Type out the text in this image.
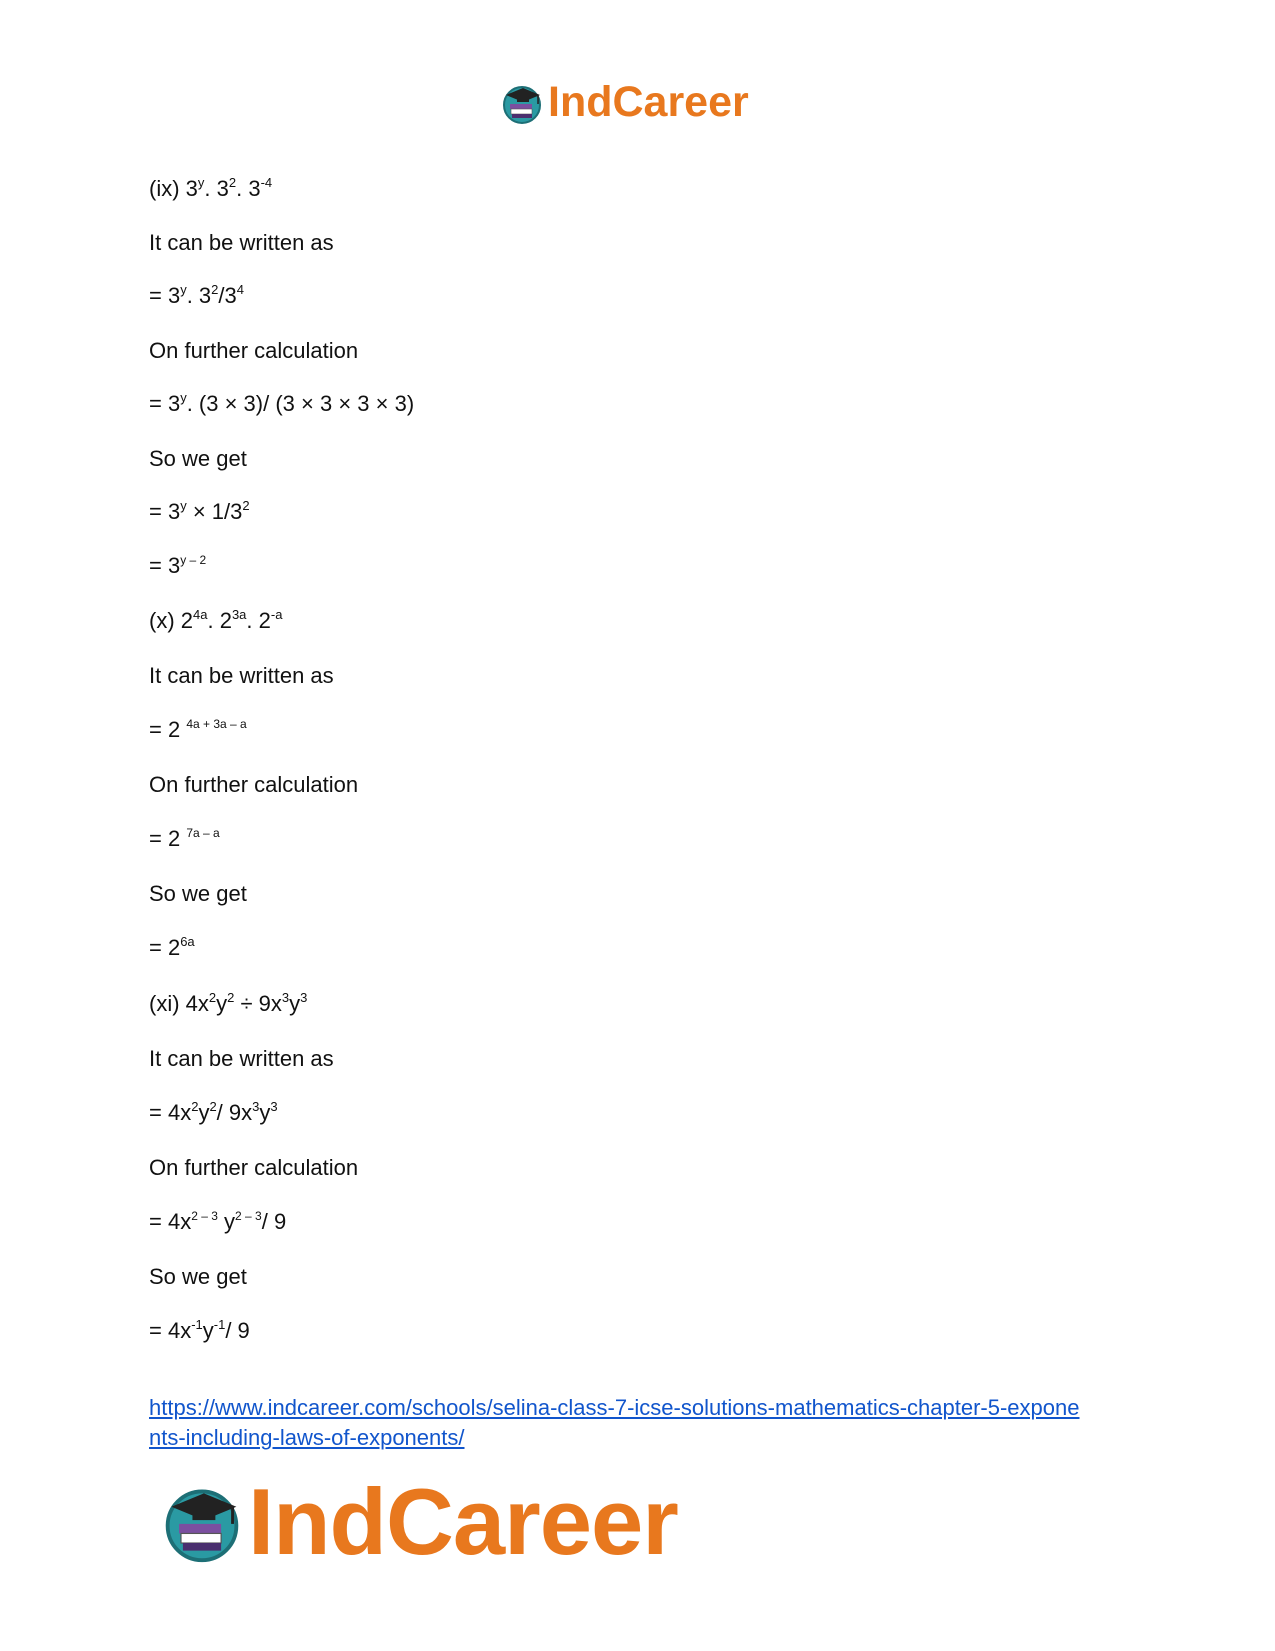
IndCareer
(ix) 3$^y$. $3^2$. $3^{-4}$
It can be written as
= $3^y$. $3^2/3^4$
On further calculation
= $3^y$. (3 × 3)/ (3 × 3 × 3 × 3)
So we get
= $3^y \times 1/3^2$
= $3^{y - 2}$
(x) $2^{4a}$. $2^{3a}$. $2^{-a}$
It can be written as
= 2 $^{4a + 3a - a}$
On further calculation
= 2 $^{7a - a}$
So we get
= $2^{6a}$
(xi) $4x^2y^2 \div 9x^3y^3$
It can be written as
= $4x^2y^2/$ $9x^3y^3$
On further calculation
= $4x^{2 - 3}$ $y^{2 - 3}/$ 9
So we get
= $4x^{-1}y^{-1}/$ 9
https://www.indcareer.com/schools/selina-class-7-icse-solutions-mathematics-chapter-5-expone
nts-including-laws-of-exponents/
IndCareer
